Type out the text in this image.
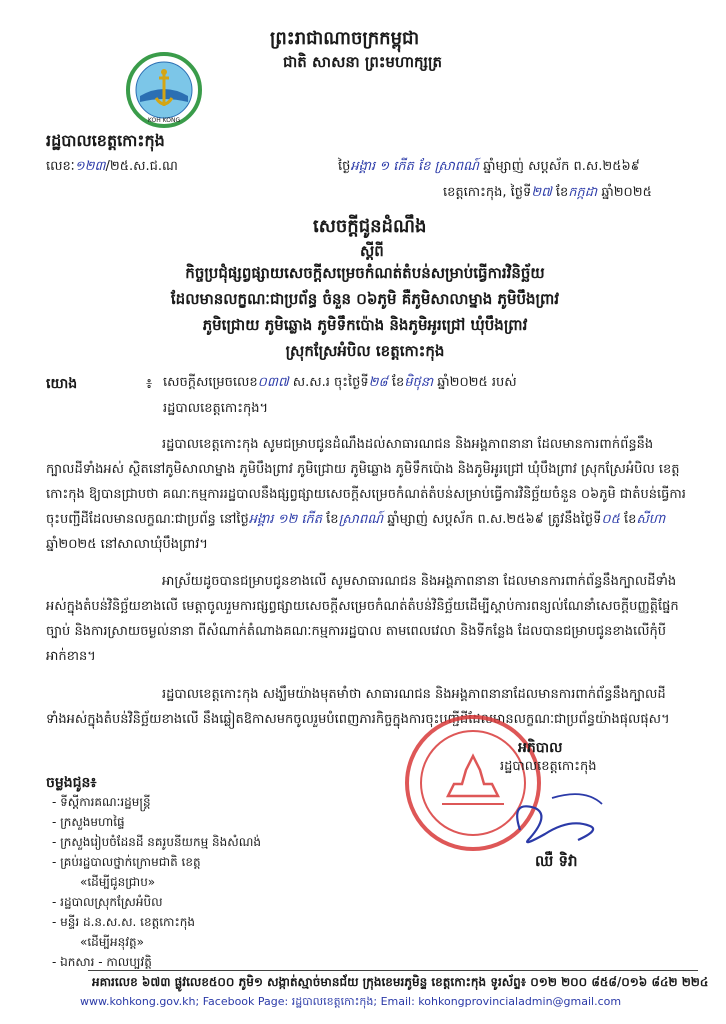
ព្រះរាជាណាចក្រកម្ពុជា
ជាតិ សាសនា ព្រះមហាក្សត្រ
KOH KONG
រដ្ឋបាលខេត្តកោះកុង
លេខៈ១២៣/២៥.ស.ជ.ណ	ថ្ងៃអង្គារ ១ កើត ខែ ស្រាពណ៍ ឆ្នាំម្សាញ់ សប្តស័ក ព.ស.២៥៦៩
ខេត្តកោះកុង, ថ្ងៃទី២៧ ខែកក្កដា ឆ្នាំ២០២៥
សេចក្តីជូនដំណឹង
ស្តីពី
កិច្ចប្រជុំផ្សព្វផ្សាយសេចក្តីសម្រេចកំណត់តំបន់សម្រាប់ធ្វើការវិនិច្ឆ័យ
ដែលមានលក្ខណៈជាប្រព័ន្ធ ចំនួន ០៦ភូមិ គឺភូមិសាលាម្នាង ភូមិបឹងព្រាវ
ភូមិជ្រោយ ភូមិឆ្លោង ភូមិទឹកប៉ោង និងភូមិអូរជ្រៅ ឃុំបឹងព្រាវ
ស្រុកស្រែអំបិល ខេត្តកោះកុង
យោង	៖ សេចក្តីសម្រេចលេខ០៣៧ ស.ស.រ ចុះថ្ងៃទី២៨ ខែមិថុនា ឆ្នាំ២០២៥ របស់
រដ្ឋបាលខេត្តកោះកុង។
រដ្ឋបាលខេត្តកោះកុង សូមជម្រាបជូនដំណឹងដល់សាធារណជន និងអង្គភាពនានា ដែលមានការពាក់ព័ន្ធនឹងក្បាលដីទាំងអស់ ស្ថិតនៅភូមិសាលាម្នាង ភូមិបឹងព្រាវ ភូមិជ្រោយ ភូមិឆ្លោង ភូមិទឹកប៉ោង និងភូមិអូរជ្រៅ ឃុំបឹងព្រាវ ស្រុកស្រែអំបិល ខេត្តកោះកុង ឱ្យបានជ្រាបថា គណៈកម្មការរដ្ឋបាលនឹងផ្សព្វផ្សាយសេចក្តីសម្រេចកំណត់តំបន់សម្រាប់ធ្វើការវិនិច្ឆ័យចំនួន ០៦ភូមិ ជាតំបន់ធ្វើការចុះបញ្ជីដីដែលមានលក្ខណៈជាប្រព័ន្ធ នៅថ្ងៃអង្គារ ១២ កើត ខែស្រាពណ៍ ឆ្នាំម្សាញ់ សប្តស័ក ព.ស.២៥៦៩ ត្រូវនឹងថ្ងៃទី០៥ ខែសីហា ឆ្នាំ២០២៥ នៅសាលាឃុំបឹងព្រាវ។
អាស្រ័យដូចបានជម្រាបជូនខាងលើ សូមសាធារណជន និងអង្គភាពនានា ដែលមានការពាក់ព័ន្ធនឹងក្បាលដីទាំងអស់ក្នុងតំបន់វិនិច្ឆ័យខាងលើ មេត្តាចូលរួមការផ្សព្វផ្សាយសេចក្តីសម្រេចកំណត់តំបន់វិនិច្ឆ័យដើម្បីស្តាប់ការពន្យល់ណែនាំសេចក្តីបញ្ញត្តិផ្នែកច្បាប់ និងការស្រាយចម្ងល់នានា ពីសំណាក់តំណាងគណៈកម្មការរដ្ឋបាល តាមពេលវេលា និងទីកន្លែង ដែលបានជម្រាបជូនខាងលើកុំបីអាក់ខាន។
រដ្ឋបាលខេត្តកោះកុង សង្ឃឹមយ៉ាងមុតមាំថា សាធារណជន និងអង្គភាពនានាដែលមានការពាក់ព័ន្ធនឹងក្បាលដីទាំងអស់ក្នុងតំបន់វិនិច្ឆ័យខាងលើ នឹងឆ្លៀតឱកាសមកចូលរួមបំពេញភារកិច្ចក្នុងការចុះបញ្ជីដីដែលមានលក្ខណៈជាប្រព័ន្ធយ៉ាងផុលផុស។
អភិបាល
រដ្ឋបាលខេត្តកោះកុង
ឈឺ ទិវា
ចម្លងជូន៖
- ទីស្តីការគណៈរដ្ឋមន្ត្រី
- ក្រសួងមហាផ្ទៃ
- ក្រសួងរៀបចំដែនដី នគរូបនីយកម្ម និងសំណង់
- គ្រប់រដ្ឋបាលថ្នាក់ក្រោមជាតិ ខេត្ត
«ដើម្បីជូនជ្រាប»
- រដ្ឋបាលស្រុកស្រែអំបិល
- មន្ទីរ ដ.ន.ស.ស. ខេត្តកោះកុង
«ដើម្បីអនុវត្ត»
- ឯកសារ - កាលប្បវត្តិ
អគារលេខ ៦៧៣ ផ្លូវលេខ៥០០ ភូមិ១ សង្កាត់ស្មាច់មានជ័យ ក្រុងខេមរភូមិន្ទ ខេត្តកោះកុង ទូរស័ព្ទ៖ ០១២ ២០០ ៨៥៨/០១៦ ៨៤២ ២២៤
www.kohkong.gov.kh; Facebook Page: រដ្ឋបាលខេត្តកោះកុង; Email: kohkongprovincialadmin@gmail.com
